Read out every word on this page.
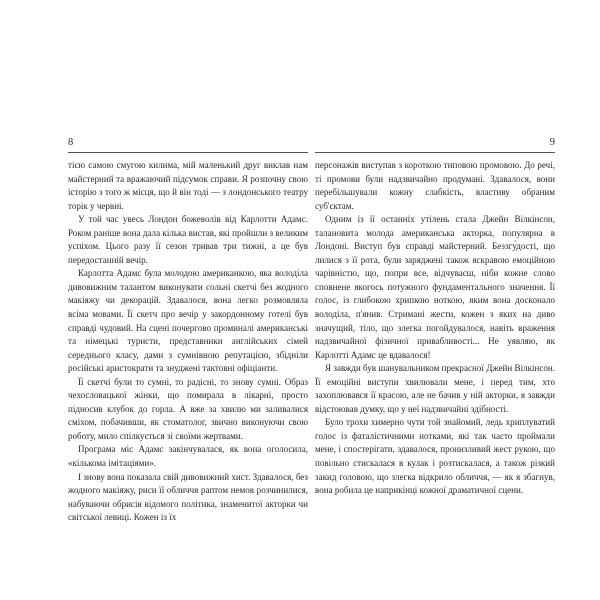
8

тією самою смугою килима, мій маленький друг виклав нам майстерний та вражаючий підсумок справи. Я розпочну свою історію з того ж місця, що й він тоді — з лондонського театру торік у червні.

У той час увесь Лондон божеволів від Карлотти Адамс. Роком раніше вона дала кілька вистав, які пройшли з великим успіхом. Цього разу її сезон тривав три тижні, а це був передостанній вечір.

Карлотта Адамс була молодою американкою, яка володіла дивовижним талантом виконувати сольні скетчі без жодного макіяжу чи декорацій. Здавалося, вона легко розмовляла всіма мовами. Її скетч про вечір у закордонному готелі був справді чудовий. На сцені почергово проминалі американські та німецькі туристи, представники англійських сімей середнього класу, дами з сумнівною репутацією, збідніли російські аристократи та знуджені тактовні офіціанти.

Її скетчі були то сумні, то радісні, то знову сумні. Образ чехословацької жінки, що помирала в лікарні, просто підносив клубок до горла. А вже за хвилю ми заливалися сміхом, побачивши, як стоматолог, звично виконуючи свою роботу, мило спілкується зі своїми жертвами.

Програма міс Адамс закінчувалася, як вона оголосила, «кількома імітаціями».

І знову вона показала свій дивовижний хист. Здавалося, без жодного макіяжу, риси її обличчя раптом немов розчинилися, набуваючи обрисів відомого політика, знаменитої акторки чи світської левиці. Кожен із їх

9

персонажів виступав з короткою типовою промовою. До речі, ті промови були надзвичайно продумані. Здавалося, вони перебільшували кожну слабкість, властиву обраним суб'єктам.

Одним із її останніх утілень стала Джейн Вілкінсон, талановита молода американська акторка, популярна в Лондоні. Виступ був справді майстерний. Беззгу́дості, що лилися з її рота, були заряджені також яскравою емоційною чарівністю, що, попри все, відчуваєш, ніби кожне слово сповнене якогось потужного фундаментального значення. Її голос, із глибокою хрипкою ноткою, яким вона досконало володіла, п'янив. Стримані жести, кожен з яких на диво значущий, тіло, що злегка погойдувалося, навіть враження надзвичайної фізичної привабливості... Не уявляю, як Карлотті Адамс це вдавалося!

Я завжди був шанувальником прекрасної Джейн Вілкінсон. Її емоційні виступи хвилювали мене, і перед тим, хто захоплювався її красою, але не бачив у ній акторки, я завжди відстоював думку, що у неї надзвичайні здібності.

Було трохи химерно чути той знайомий, ледь хриплуватий голос із фаталістичними нотками, які так часто проймали мене, і спостерігати, здавалося, пронизливий жест рукою, що повільно стискалася в кулак і розтискалася, а також різкий закид головою, що злегка відкрило обличчя, — як я збагнув, вона робила це наприкінці кожної драматичної сцени.
